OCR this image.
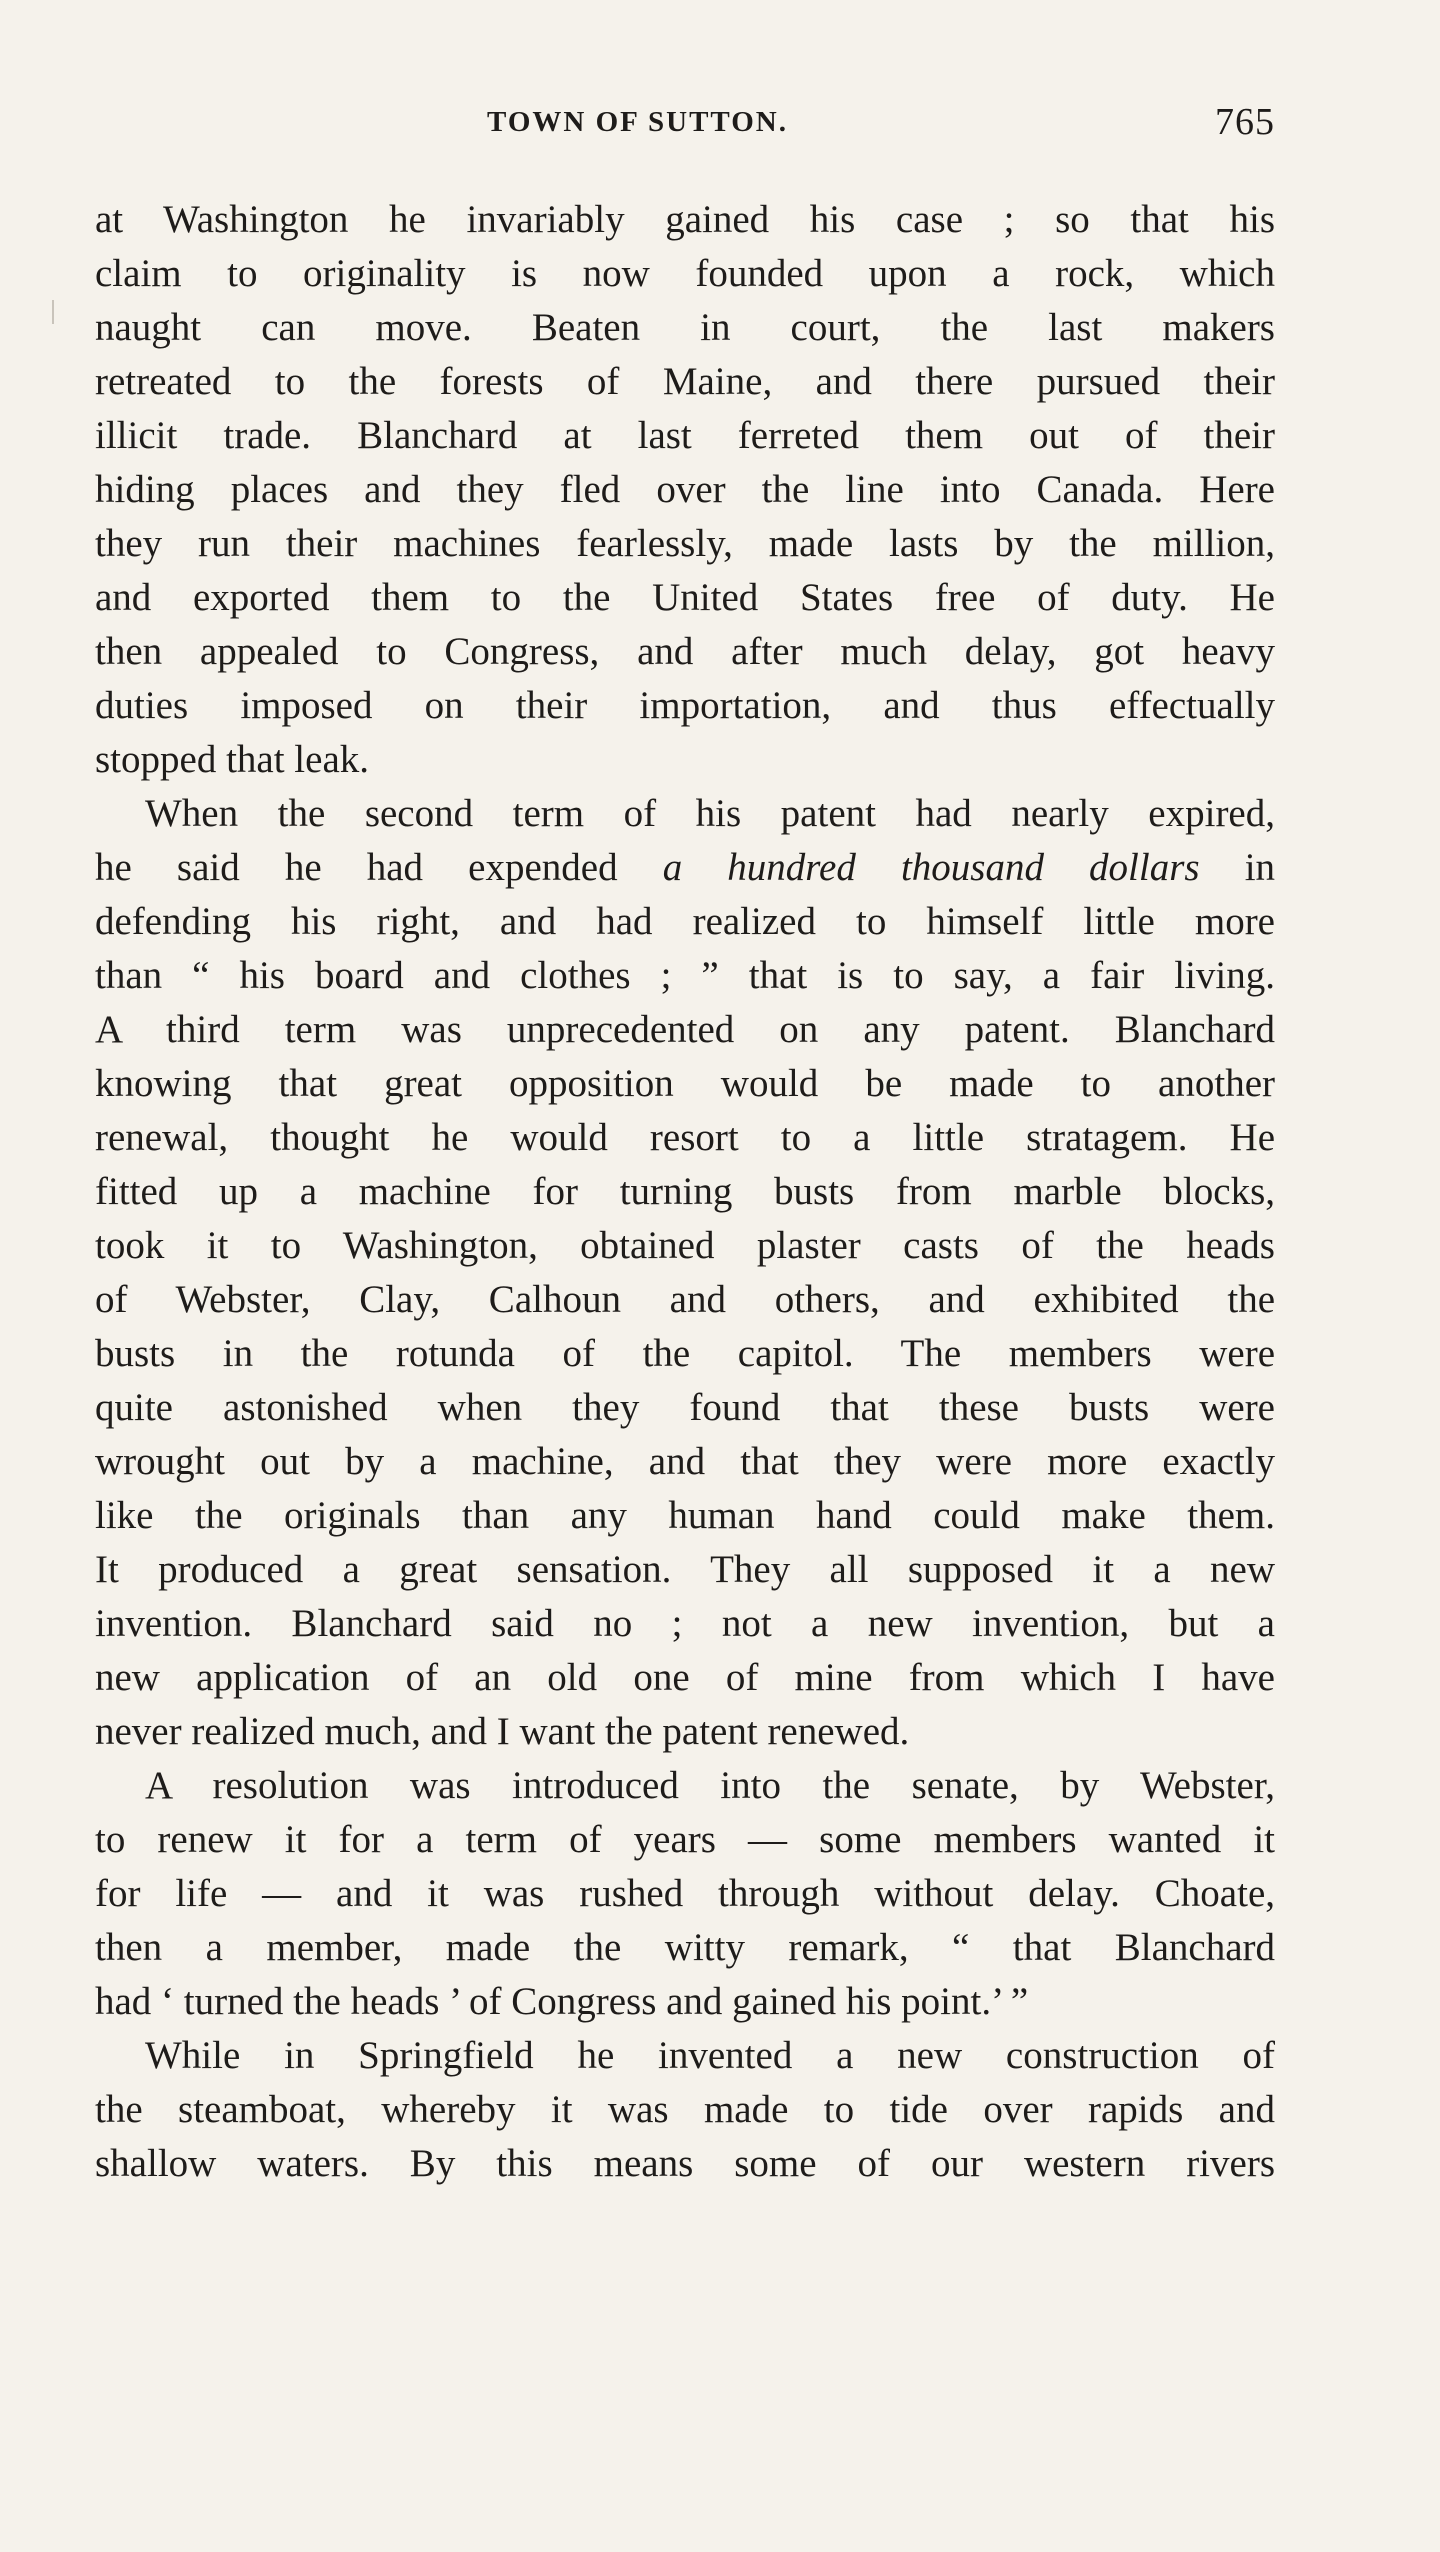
TOWN OF SUTTON.	765
at Washington he invariably gained his case ; so that his
claim to originality is now founded upon a rock, which
naught can move. Beaten in court, the last makers
retreated to the forests of Maine, and there pursued their
illicit trade. Blanchard at last ferreted them out of their
hiding places and they fled over the line into Canada. Here
they run their machines fearlessly, made lasts by the million,
and exported them to the United States free of duty. He
then appealed to Congress, and after much delay, got heavy
duties imposed on their importation, and thus effectually
stopped that leak.
When the second term of his patent had nearly expired,
he said he had expended a hundred thousand dollars in
defending his right, and had realized to himself little more
than “ his board and clothes ; ” that is to say, a fair living.
A third term was unprecedented on any patent. Blanchard
knowing that great opposition would be made to another
renewal, thought he would resort to a little stratagem. He
fitted up a machine for turning busts from marble blocks,
took it to Washington, obtained plaster casts of the heads
of Webster, Clay, Calhoun and others, and exhibited the
busts in the rotunda of the capitol. The members were
quite astonished when they found that these busts were
wrought out by a machine, and that they were more exactly
like the originals than any human hand could make them.
It produced a great sensation. They all supposed it a new
invention. Blanchard said no ; not a new invention, but a
new application of an old one of mine from which I have
never realized much, and I want the patent renewed.
A resolution was introduced into the senate, by Webster,
to renew it for a term of years — some members wanted it
for life — and it was rushed through without delay. Choate,
then a member, made the witty remark, “ that Blanchard
had ‘ turned the heads ’ of Congress and gained his point.’ ”
While in Springfield he invented a new construction of
the steamboat, whereby it was made to tide over rapids and
shallow waters. By this means some of our western rivers
